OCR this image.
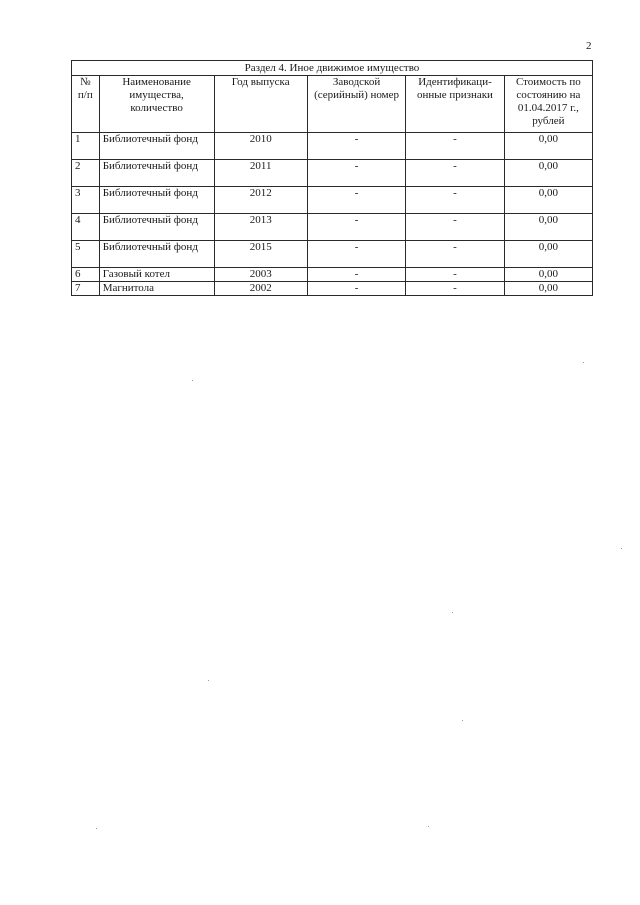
2
Раздел 4. Иное движимое имущество					
№ п/п	Наименование имущества, количество	Год выпуска	Заводской (серийный) номер	Идентификаци-онные признаки	Стоимость по состоянию на 01.04.2017 г., рублей
1	Библиотечный фонд	2010	-	-	0,00
2	Библиотечный фонд	2011	-	-	0,00
3	Библиотечный фонд	2012	-	-	0,00
4	Библиотечный фонд	2013	-	-	0,00
5	Библиотечный фонд	2015	-	-	0,00
6	Газовый котел	2003	-	-	0,00
7	Магнитола	2002	-	-	0,00
